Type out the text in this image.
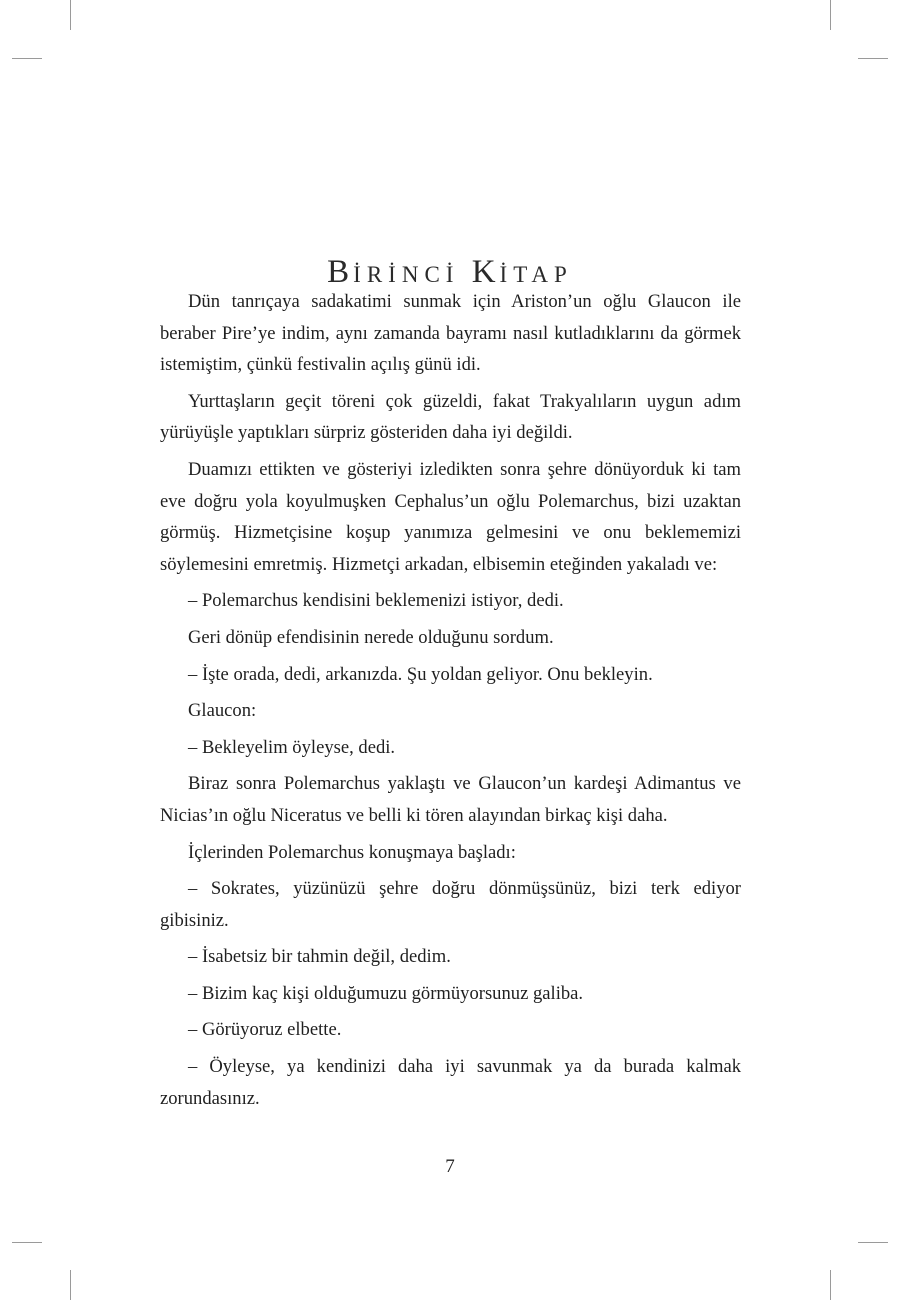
BİRİNCİ KİTAP

Dün tanrıçaya sadakatimi sunmak için Ariston’un oğlu Glaucon ile beraber Pire’ye indim, aynı zamanda bayramı nasıl kutladıklarını da görmek istemiştim, çünkü festivalin açılış günü idi.

Yurttaşların geçit töreni çok güzeldi, fakat Trakyalıların uygun adım yürüyüşle yaptıkları sürpriz gösteriden daha iyi değildi.

Duamızı ettikten ve gösteriyi izledikten sonra şehre dönüyorduk ki tam eve doğru yola koyulmuşken Cephalus’un oğlu Polemarchus, bizi uzaktan görmüş. Hizmetçisine koşup yanımıza gelmesini ve onu beklememizi söylemesini emretmiş. Hizmetçi arkadan, elbisemin eteğinden yakaladı ve:

– Polemarchus kendisini beklemenizi istiyor, dedi.

Geri dönüp efendisinin nerede olduğunu sordum.

– İşte orada, dedi, arkanızda. Şu yoldan geliyor. Onu bekleyin.

Glaucon:

– Bekleyelim öyleyse, dedi.

Biraz sonra Polemarchus yaklaştı ve Glaucon’un kardeşi Adimantus ve Nicias’ın oğlu Niceratus ve belli ki tören alayından birkaç kişi daha.

İçlerinden Polemarchus konuşmaya başladı:

– Sokrates, yüzünüzü şehre doğru dönmüşsünüz, bizi terk ediyor gibisiniz.

– İsabetsiz bir tahmin değil, dedim.

– Bizim kaç kişi olduğumuzu görmüyorsunuz galiba.

– Görüyoruz elbette.

– Öyleyse, ya kendinizi daha iyi savunmak ya da burada kalmak zorundasınız.

7
